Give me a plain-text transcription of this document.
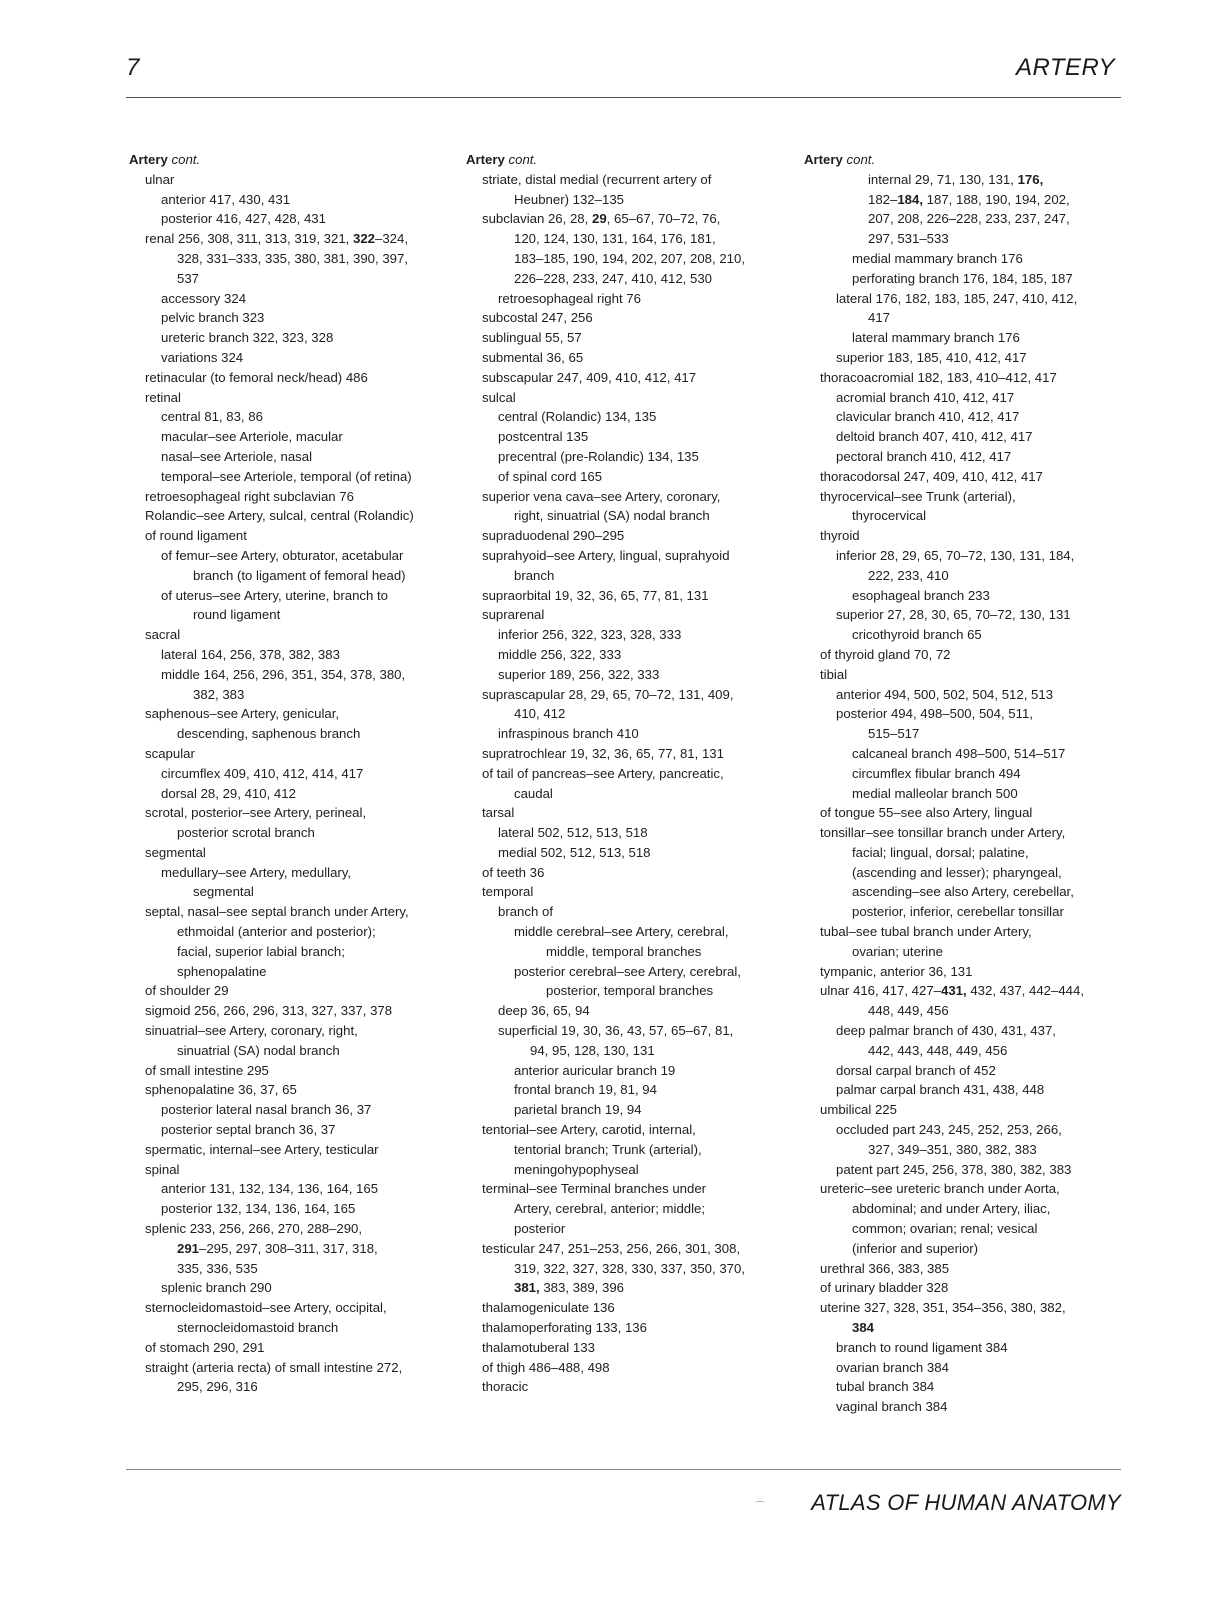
7	ARTERY
Artery cont.
ulnar
anterior 417, 430, 431
posterior 416, 427, 428, 431
renal 256, 308, 311, 313, 319, 321, 322–324,
328, 331–333, 335, 380, 381, 390, 397,
537
accessory 324
pelvic branch 323
ureteric branch 322, 323, 328
variations 324
retinacular (to femoral neck/head) 486
retinal
central 81, 83, 86
macular–see Arteriole, macular
nasal–see Arteriole, nasal
temporal–see Arteriole, temporal (of retina)
retroesophageal right subclavian 76
Rolandic–see Artery, sulcal, central (Rolandic)
of round ligament
of femur–see Artery, obturator, acetabular
branch (to ligament of femoral head)
of uterus–see Artery, uterine, branch to
round ligament
sacral
lateral 164, 256, 378, 382, 383
middle 164, 256, 296, 351, 354, 378, 380,
382, 383
saphenous–see Artery, genicular,
descending, saphenous branch
scapular
circumflex 409, 410, 412, 414, 417
dorsal 28, 29, 410, 412
scrotal, posterior–see Artery, perineal,
posterior scrotal branch
segmental
medullary–see Artery, medullary,
segmental
septal, nasal–see septal branch under Artery,
ethmoidal (anterior and posterior);
facial, superior labial branch;
sphenopalatine
of shoulder 29
sigmoid 256, 266, 296, 313, 327, 337, 378
sinuatrial–see Artery, coronary, right,
sinuatrial (SA) nodal branch
of small intestine 295
sphenopalatine 36, 37, 65
posterior lateral nasal branch 36, 37
posterior septal branch 36, 37
spermatic, internal–see Artery, testicular
spinal
anterior 131, 132, 134, 136, 164, 165
posterior 132, 134, 136, 164, 165
splenic 233, 256, 266, 270, 288–290,
291–295, 297, 308–311, 317, 318,
335, 336, 535
splenic branch 290
sternocleidomastoid–see Artery, occipital,
sternocleidomastoid branch
of stomach 290, 291
straight (arteria recta) of small intestine 272,
295, 296, 316
Artery cont.
striate, distal medial (recurrent artery of
Heubner) 132–135
subclavian 26, 28, 29, 65–67, 70–72, 76,
120, 124, 130, 131, 164, 176, 181,
183–185, 190, 194, 202, 207, 208, 210,
226–228, 233, 247, 410, 412, 530
retroesophageal right 76
subcostal 247, 256
sublingual 55, 57
submental 36, 65
subscapular 247, 409, 410, 412, 417
sulcal
central (Rolandic) 134, 135
postcentral 135
precentral (pre-Rolandic) 134, 135
of spinal cord 165
superior vena cava–see Artery, coronary,
right, sinuatrial (SA) nodal branch
supraduodenal 290–295
suprahyoid–see Artery, lingual, suprahyoid
branch
supraorbital 19, 32, 36, 65, 77, 81, 131
suprarenal
inferior 256, 322, 323, 328, 333
middle 256, 322, 333
superior 189, 256, 322, 333
suprascapular 28, 29, 65, 70–72, 131, 409,
410, 412
infraspinous branch 410
supratrochlear 19, 32, 36, 65, 77, 81, 131
of tail of pancreas–see Artery, pancreatic,
caudal
tarsal
lateral 502, 512, 513, 518
medial 502, 512, 513, 518
of teeth 36
temporal
branch of
middle cerebral–see Artery, cerebral,
middle, temporal branches
posterior cerebral–see Artery, cerebral,
posterior, temporal branches
deep 36, 65, 94
superficial 19, 30, 36, 43, 57, 65–67, 81,
94, 95, 128, 130, 131
anterior auricular branch 19
frontal branch 19, 81, 94
parietal branch 19, 94
tentorial–see Artery, carotid, internal,
tentorial branch; Trunk (arterial),
meningohypophyseal
terminal–see Terminal branches under
Artery, cerebral, anterior; middle;
posterior
testicular 247, 251–253, 256, 266, 301, 308,
319, 322, 327, 328, 330, 337, 350, 370,
381, 383, 389, 396
thalamogeniculate 136
thalamoperforating 133, 136
thalamotuberal 133
of thigh 486–488, 498
thoracic
Artery cont.
internal 29, 71, 130, 131, 176,
182–184, 187, 188, 190, 194, 202,
207, 208, 226–228, 233, 237, 247,
297, 531–533
medial mammary branch 176
perforating branch 176, 184, 185, 187
lateral 176, 182, 183, 185, 247, 410, 412,
417
lateral mammary branch 176
superior 183, 185, 410, 412, 417
thoracoacromial 182, 183, 410–412, 417
acromial branch 410, 412, 417
clavicular branch 410, 412, 417
deltoid branch 407, 410, 412, 417
pectoral branch 410, 412, 417
thoracodorsal 247, 409, 410, 412, 417
thyrocervical–see Trunk (arterial),
thyrocervical
thyroid
inferior 28, 29, 65, 70–72, 130, 131, 184,
222, 233, 410
esophageal branch 233
superior 27, 28, 30, 65, 70–72, 130, 131
cricothyroid branch 65
of thyroid gland 70, 72
tibial
anterior 494, 500, 502, 504, 512, 513
posterior 494, 498–500, 504, 511,
515–517
calcaneal branch 498–500, 514–517
circumflex fibular branch 494
medial malleolar branch 500
of tongue 55–see also Artery, lingual
tonsillar–see tonsillar branch under Artery,
facial; lingual, dorsal; palatine,
(ascending and lesser); pharyngeal,
ascending–see also Artery, cerebellar,
posterior, inferior, cerebellar tonsillar
tubal–see tubal branch under Artery,
ovarian; uterine
tympanic, anterior 36, 131
ulnar 416, 417, 427–431, 432, 437, 442–444,
448, 449, 456
deep palmar branch of 430, 431, 437,
442, 443, 448, 449, 456
dorsal carpal branch of 452
palmar carpal branch 431, 438, 448
umbilical 225
occluded part 243, 245, 252, 253, 266,
327, 349–351, 380, 382, 383
patent part 245, 256, 378, 380, 382, 383
ureteric–see ureteric branch under Aorta,
abdominal; and under Artery, iliac,
common; ovarian; renal; vesical
(inferior and superior)
urethral 366, 383, 385
of urinary bladder 328
uterine 327, 328, 351, 354–356, 380, 382,
384
branch to round ligament 384
ovarian branch 384
tubal branch 384
vaginal branch 384
⁀ ATLAS OF HUMAN ANATOMY
